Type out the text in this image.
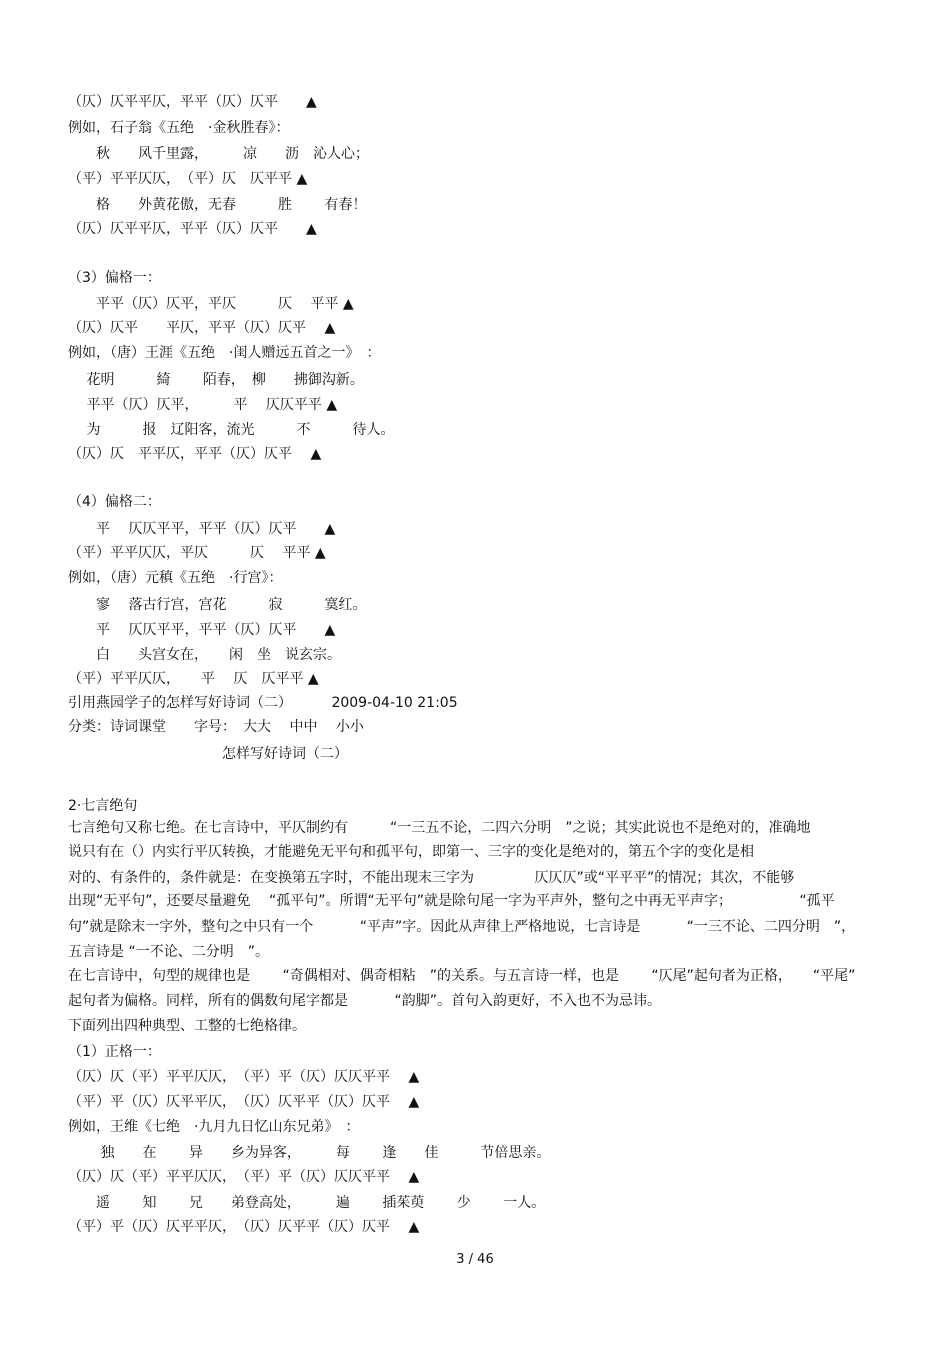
（仄）仄平平仄，平平（仄）仄平　　▲

例如，石子翁《五绝　·金秋胜春》：

　　秋　　风千里露，　　　凉　　沥　沁人心；

（平）平平仄仄，　（平）仄　仄平平 ▲

　　格　　外黄花傲，无春　　　胜　　 有春！

（仄）仄平平仄，平平（仄）仄平　　▲

（3）偏格一：

　　平平（仄）仄平，平仄　　　仄　 平平 ▲

（仄）仄平　　平仄，平平（仄）仄平　 ▲

例如，（唐）王涯《五绝　·闺人赠远五首之一》　：

　 花明　　　綺　　 陌春，　柳　　拂御沟新。

　 平平（仄）仄平，　　　平　 仄仄平平 ▲

　 为　　　报　辽阳客，流光　　　不　　　待人。

（仄）仄　平平仄，平平（仄）仄平　 ▲

（4）偏格二：

　　平　 仄仄平平，平平（仄）仄平　　▲

（平）平平仄仄，平仄　　　仄　 平平 ▲

例如，（唐）元稹《五绝　·行宫》：

　　寥　 落古行宫，宫花　　　寂　　　寞红。

　　平　 仄仄平平，平平（仄）仄平　　▲

　　白　　头宫女在，　　闲　坐　说玄宗。

（平）平平仄仄，　　平　 仄　仄平平 ▲

引用燕园学子的怎样写好诗词（二）　　　 2009-04-10 21:05

分类：诗词课堂　　字号：　大大　 中中　 小小

　　　　　　　　　　　怎样写好诗词（二）

2·七言绝句

七言绝句又称七绝。在七言诗中，平仄制约有　　　“一三五不论，二四六分明　”之说；其实此说也不是绝对的，准确地

说只有在（）内实行平仄转换，才能避免无平句和孤平句，即第一、三字的变化是绝对的，第五个字的变化是相

对的、有条件的，条件就是：在变换第五字时，不能出现末三字为　　　　 仄仄仄”或“平平平”的情况；其次，不能够

出现“无平句”，还要尽量避免　 “孤平句”。所谓“无平句”就是除句尾一字为平声外，整句之中再无平声字；　　　　　 “孤平

句”就是除末一字外，整句之中只有一个　　　 “平声”字。因此从声律上严格地说，七言诗是　　　 “一三不论、二四分明　”，

五言诗是 “一不论、二分明　”。

在七言诗中，句型的规律也是　　 “奇偶相对、偶奇相粘　”的关系。与五言诗一样，也是　　 “仄尾”起句者为正格，　　“平尾”

起句者为偏格。同样，所有的偶数句尾字都是　　　 “韵脚”。首句入韵更好，不入也不为忌讳。

下面列出四种典型、工整的七绝格律。

（1）正格一：

（仄）仄（平）平平仄仄，　（平）平（仄）仄仄平平　 ▲

（平）平（仄）仄平平仄，　（仄）仄平平（仄）仄平　 ▲

例如，王维《七绝　·九月九日忆山东兄弟》　：

　　 独　　在　　 异　　乡为异客，　　　每　　 逢　　佳　　　节倍思亲。

（仄）仄（平）平平仄仄，　（平）平（仄）仄仄平平　 ▲

　　遥　　 知　　 兄　　弟登高处，　　　遍　　 插茱萸　　 少　　 一人。

（平）平（仄）仄平平仄，　（仄）仄平平（仄）仄平　 ▲

3 / 46
